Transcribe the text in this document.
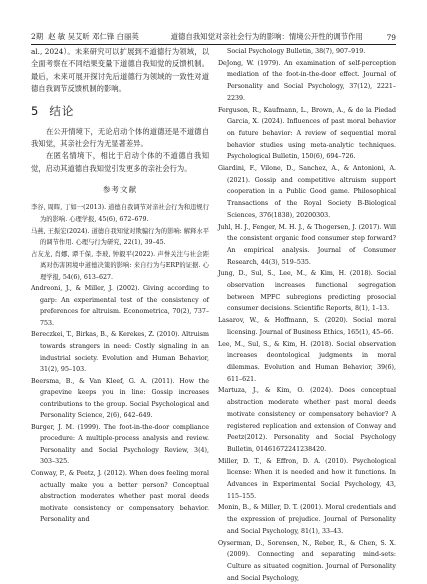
2期 赵 敏 吴艾昕 邓仁锋 白丽英	道德自我知觉对亲社会行为的影响：情境公开性的调节作用	79

al., 2024）。未来研究可以扩展到不道德行为领域，以全面考察在不同结果变量下道德自我知觉的反馈机制。最后，未来可展开探讨先后道德行为领域的一致性对道德自我调节反馈机制的影响。

5 结论

在公开情境下，无论启动个体的道德还是不道德自我知觉，其亲社会行为无显著差异。

在匿名情境下，相比于启动个体的不道德自我知觉，启动其道德自我知觉引发更多的亲社会行为。

参考文献

李谷, 周晖, 丁如一(2013). 道德自我调节对亲社会行为和违规行为的影响. 心理学报, 45(6), 672–679.

马燕, 王振宏(2024). 道德自我知觉对欺骗行为的影响: 解释水平的调节作用. 心理与行为研究, 22(1), 39–45.

占友龙, 肖娜, 谭千保, 李玻, 钟毅平(2022). 声誉关注与社会距离对伤害困境中道德决策的影响: 来自行为与ERP的证据. 心理学报, 54(6), 613–627.

Andreoni, J., & Miller, J. (2002). Giving according to garp: An experimental test of the consistency of preferences for altruism. Econometrica, 70(2), 737–753.

Bereczkei, T., Birkas, B., & Kerekes, Z. (2010). Altruism towards strangers in need: Costly signaling in an industrial society. Evolution and Human Behavior, 31(2), 95–103.

Beersma, B., & Van Kleef, G. A. (2011). How the grapevine keeps you in line: Gossip increases contributions to the group. Social Psychological and Personality Science, 2(6), 642–649.

Burger, J. M. (1999). The foot-in-the-door compliance procedure: A multiple-process analysis and review. Personality and Social Psychology Review, 3(4), 303–325.

Conway, P., & Peetz, J. (2012). When does feeling moral actually make you a better person? Conceptual abstraction moderates whether past moral deeds motivate consistency or compensatory behavior. Personality and

Social Psychology Bulletin, 38(7), 907–919.

DeJong, W. (1979). An examination of self-perception mediation of the foot-in-the-door effect. Journal of Personality and Social Psychology, 37(12), 2221–2239.

Ferguson, R., Kaufmann, L., Brown, A., & de la Piedad Garcia, X. (2024). Influences of past moral behavior on future behavior: A review of sequential moral behavior studies using meta-analytic techniques. Psychological Bulletin, 150(6), 694–726.

Giardini, F., Vilone, D., Sanchez, A., & Antonioni, A. (2021). Gossip and competitive altruism support cooperation in a Public Good game. Philosophical Transactions of the Royal Society B-Biological Sciences, 376(1838), 20200303.

Juhl, H. J., Fenger, M. H. J., & Thogersen, J. (2017). Will the consistent organic food consumer step forward? An empirical analysis. Journal of Consumer Research, 44(3), 519–535.

Jung, D., Sul, S., Lee, M., & Kim, H. (2018). Social observation increases functional segregation between MPFC subregions predicting prosocial consumer decisions. Scientific Reports, 8(1), 1–13.

Lasarov, W., & Hoffmann, S. (2020). Social moral licensing. Journal of Business Ethics, 165(1), 45–66.

Lee, M., Sul, S., & Kim, H. (2018). Social observation increases deontological judgments in moral dilemmas. Evolution and Human Behavior, 39(6), 611–621.

Martuza, J., & Kim, O. (2024). Does conceptual abstraction moderate whether past moral deeds motivate consistency or compensatory behavior? A registered replication and extension of Conway and Peetz(2012). Personality and Social Psychology Bulletin, 01461672241238420.

Miller, D. T., & Effron, D. A. (2010). Psychological license: When it is needed and how it functions. In Advances in Experimental Social Psychology, 43, 115–155.

Monin, B., & Miller, D. T. (2001). Moral credentials and the expression of prejudice. Journal of Personality and Social Psychology, 81(1), 33–43.

Oyserman, D., Sorensen, N., Reber, R., & Chen, S. X. (2009). Connecting and separating mind-sets: Culture as situated cognition. Journal of Personality and Social Psychology,
